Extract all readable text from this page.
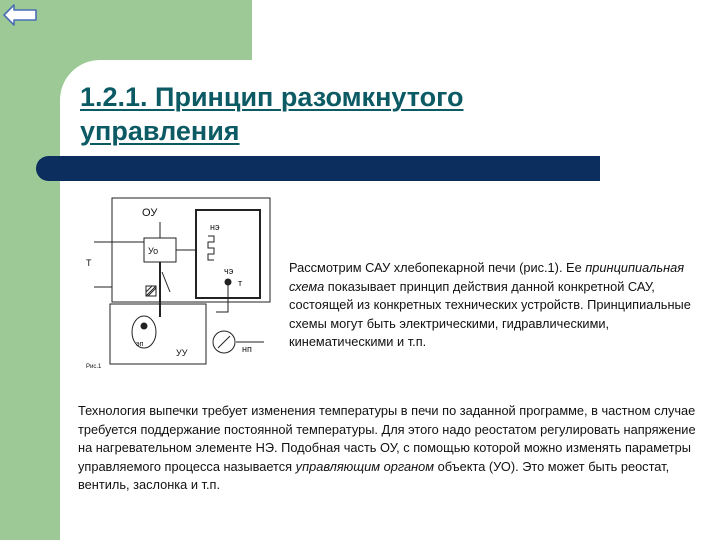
1.2.1. Принцип разомкнутого управления
ОУ
нэ
Уо
чэ
т
Т
эп
УУ	нп
Рис.1

Рассмотрим САУ хлебопекарной печи (рис.1). Ее принципиальная схема показывает принцип действия данной конкретной САУ, состоящей из конкретных технических устройств. Принципиальные схемы могут быть электрическими, гидравлическими, кинематическими и т.п.

Технология выпечки требует изменения температуры в печи по заданной программе, в частном случае требуется поддержание постоянной температуры. Для этого надо реостатом регулировать напряжение на нагревательном элементе НЭ. Подобная часть ОУ, с помощью которой можно изменять параметры управляемого процесса называется управляющим органом объекта (УО). Это может быть реостат, вентиль, заслонка и т.п.
